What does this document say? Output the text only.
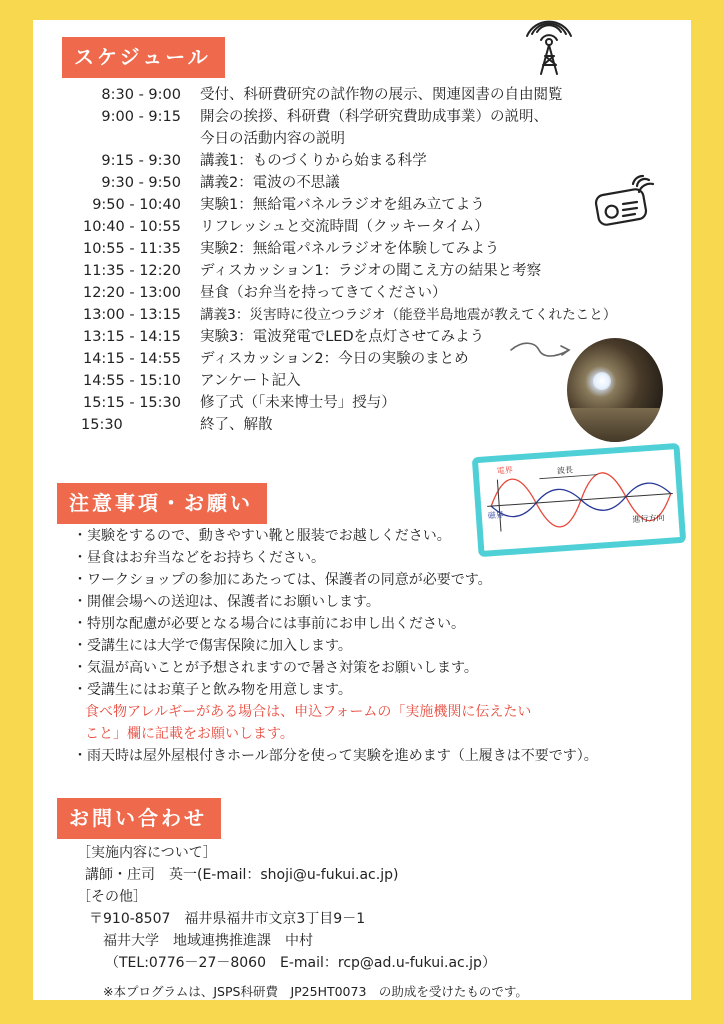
スケジュール
8:30 - 9:00 受付、科研費研究の試作物の展示、関連図書の自由閲覧
9:00 - 9:15 開会の挨拶、科研費（科学研究費助成事業）の説明、
今日の活動内容の説明
9:15 - 9:30 講義1：ものづくりから始まる科学
9:30 - 9:50 講義2：電波の不思議
9:50 - 10:40 実験1：無給電バネルラジオを組み立てよう
10:40 - 10:55 リフレッシュと交流時間（クッキータイム）
10:55 - 11:35 実験2：無給電パネルラジオを体験してみよう
11:35 - 12:20 ディスカッション1：ラジオの聞こえ方の結果と考察
12:20 - 13:00 昼食（お弁当を持ってきてください）
13:00 - 13:15 講義3：災害時に役立つラジオ（能登半島地震が教えてくれたこと）
13:15 - 14:15 実験3：電波発電でLEDを点灯させてみよう
14:15 - 14:55 ディスカッション2：今日の実験のまとめ
14:55 - 15:10 アンケート記入
15:15 - 15:30 修了式（「未来博士号」授与）
15:30	終了、解散
電界	波長
磁界	進行方向
注意事項・お願い
・実験をするので、動きやすい靴と服装でお越しください。
・昼食はお弁当などをお持ちください。
・ワークショップの参加にあたっては、保護者の同意が必要です。
・開催会場への送迎は、保護者にお願いします。
・特別な配慮が必要となる場合には事前にお申し出ください。
・受講生には大学で傷害保険に加入します。
・気温が高いことが予想されますので暑さ対策をお願いします。
・受講生にはお菓子と飲み物を用意します。
食べ物アレルギーがある場合は、申込フォームの「実施機関に伝えたい
こと」欄に記載をお願いします。
・雨天時は屋外屋根付きホール部分を使って実験を進めます（上履きは不要です）。
お問い合わせ
［実施内容について］
講師・庄司　英一(E-mail：shoji@u-fukui.ac.jp)
［その他］
〒910-8507　福井県福井市文京3丁目9－1
福井大学　地域連携推進課　中村
（TEL:0776－27－8060　E-mail：rcp@ad.u-fukui.ac.jp）
※本プログラムは、JSPS科研費　JP25HT0073　の助成を受けたものです。
